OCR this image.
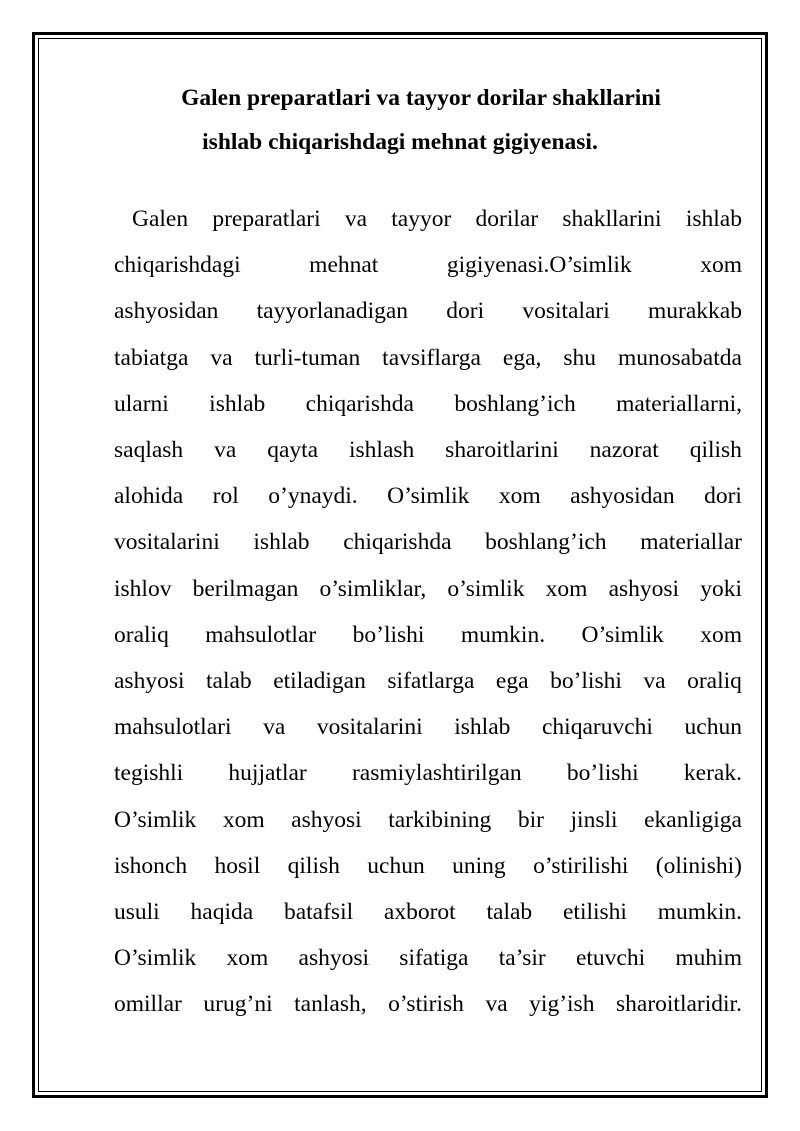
Galen preparatlari va tayyor dorilar shakllarini
ishlab chiqarishdagi mehnat gigiyenasi.
Galen preparatlari va tayyor dorilar shakllarini ishlab
chiqarishdagi	mehnat	gigiyenasi.O’simlik	xom
ashyosidan tayyorlanadigan dori vositalari murakkab
tabiatga va turli-tuman tavsiflarga ega, shu munosabatda
ularni ishlab chiqarishda boshlang’ich materiallarni,
saqlash va qayta ishlash sharoitlarini nazorat qilish
alohida rol o’ynaydi. O’simlik xom ashyosidan dori
vositalarini ishlab chiqarishda boshlang’ich materiallar
ishlov berilmagan o’simliklar, o’simlik xom ashyosi yoki
oraliq mahsulotlar bo’lishi mumkin. O’simlik xom
ashyosi talab etiladigan sifatlarga ega bo’lishi va oraliq
mahsulotlari va vositalarini ishlab chiqaruvchi uchun
tegishli hujjatlar rasmiylashtirilgan bo’lishi kerak.
O’simlik xom ashyosi tarkibining bir jinsli ekanligiga
ishonch hosil qilish uchun uning o’stirilishi (olinishi)
usuli haqida batafsil axborot talab etilishi mumkin.
O’simlik xom ashyosi sifatiga ta’sir etuvchi muhim
omillar urug’ni tanlash, o’stirish va yig’ish sharoitlaridir.
